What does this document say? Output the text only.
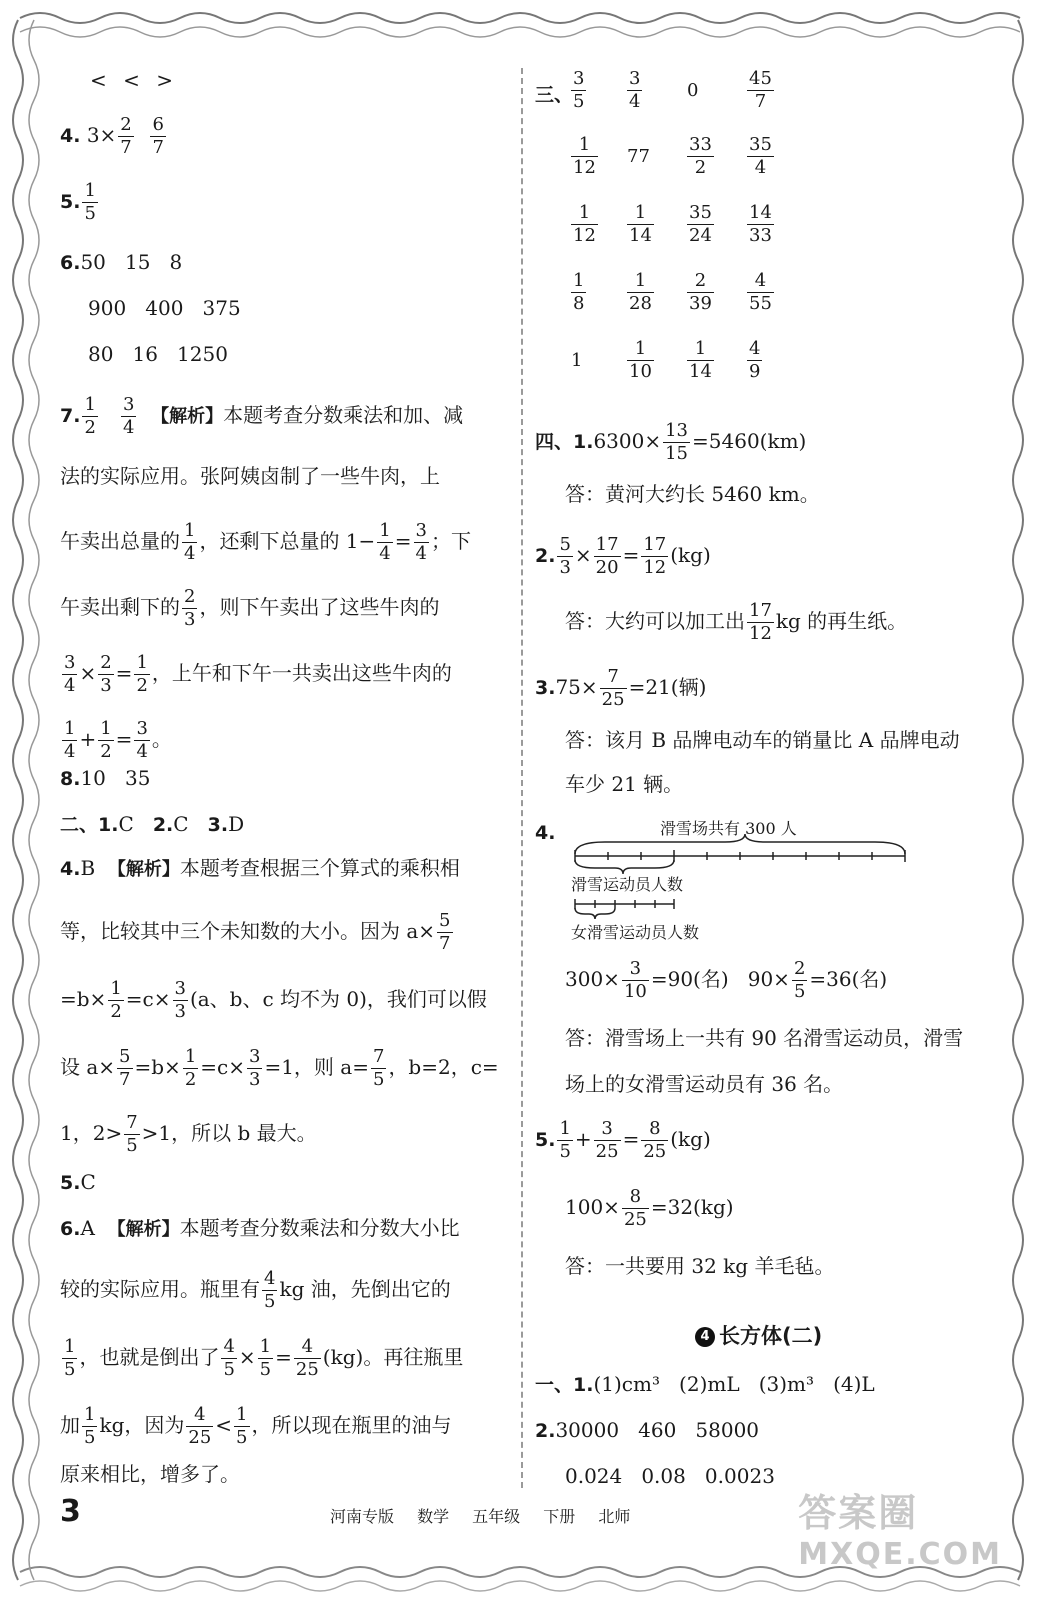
< < >
4. $3\times \frac{2}{7}$
$\frac{6}{7}$
5. $\frac{1}{5}$
6.50   15   8
900   400   375
80   16   1250
7. $\frac{1}{2}$
$\frac{3}{4}$ 【解析】本题考查分数乘法和加、减
法的实际应用。张阿姨卤制了一些牛肉，上
午卖出总量的 $\frac{1}{4}$ ，还剩下总量的 $1- \frac{1}{4} = \frac{3}{4}$ ；下
午卖出剩下的 $\frac{2}{3}$ ，则下午卖出了这些牛肉的
$\frac{3}{4} \times \frac{2}{3} = \frac{1}{2}$ ，上午和下午一共卖出这些牛肉的
$\frac{1}{4} + \frac{1}{2} = \frac{3}{4}$ 。
8.10   35
二、1.C   2.C   3.D
4.B 【解析】本题考查根据三个算式的乘积相
等，比较其中三个未知数的大小。因为 $a\times \frac{5}{7}$
$=b\times \frac{1}{2} =c\times \frac{3}{3} (a$、b、c 均不为 0)，我们可以假
设 $a\times \frac{5}{7} =b\times \frac{1}{2} =c\times \frac{3}{3} =1$，则 $a= \frac{7}{5}$ ，b=2，c=
1，$2> \frac{7}{5} >1$，所以 b 最大。
5.C
6.A 【解析】本题考查分数乘法和分数大小比
较的实际应用。瓶里有 $\frac{4}{5}$ kg 油，先倒出它的
$\frac{1}{5}$ ，也就是倒出了 $\frac{4}{5} \times \frac{1}{5} = \frac{4}{25} (kg)$。再往瓶里
加 $\frac{1}{5}$ kg，因为 $\frac{4}{25} < \frac{1}{5}$ ，所以现在瓶里的油与
原来相比，增多了。
三、
$\frac{3}{5} \frac{3}{4} 0$	$\frac{45}{7}$
$\frac{1}{12} 77 \frac{33}{2} \frac{35}{4}$
$\frac{1}{12} \frac{1}{14} \frac{35}{24} \frac{14}{33}$
$\frac{1}{8} \frac{1}{28} \frac{2}{39} \frac{4}{55}$
$1 \frac{1}{10} \frac{1}{14} \frac{4}{9}$
四、$1.6300\times \frac{13}{15} =5460(km)$
答：黄河大约长 5460 km。
2. $\frac{5}{3} \times \frac{17}{20} = \frac{17}{12} (kg)$
答：大约可以加工出 $\frac{17}{12}$ kg 的再生纸。
$3.75\times \frac{7}{25} =21$(辆)
答：该月 B 品牌电动车的销量比 A 品牌电动
车少 21 辆。
4.	滑雪场共有 300 人
滑雪运动员人数
女滑雪运动员人数
$300\times \frac{3}{10} =90$(名) $90\times \frac{2}{5} =36$(名)
答：滑雪场上一共有 90 名滑雪运动员，滑雪
场上的女滑雪运动员有 36 名。
5. $\frac{1}{5} + \frac{3}{25} = \frac{8}{25} (kg)$
$100\times \frac{8}{25} =32(kg)$
答：一共要用 32 kg 羊毛毡。
4 长方体(二)
一、1.(1)cm³   (2)mL   (3)m³   (4)L
2.30000   460   58000
0.024   0.08   0.0023
3	河南专版 数学 五年级 下册 北师	答案圈
MXQE.COM
